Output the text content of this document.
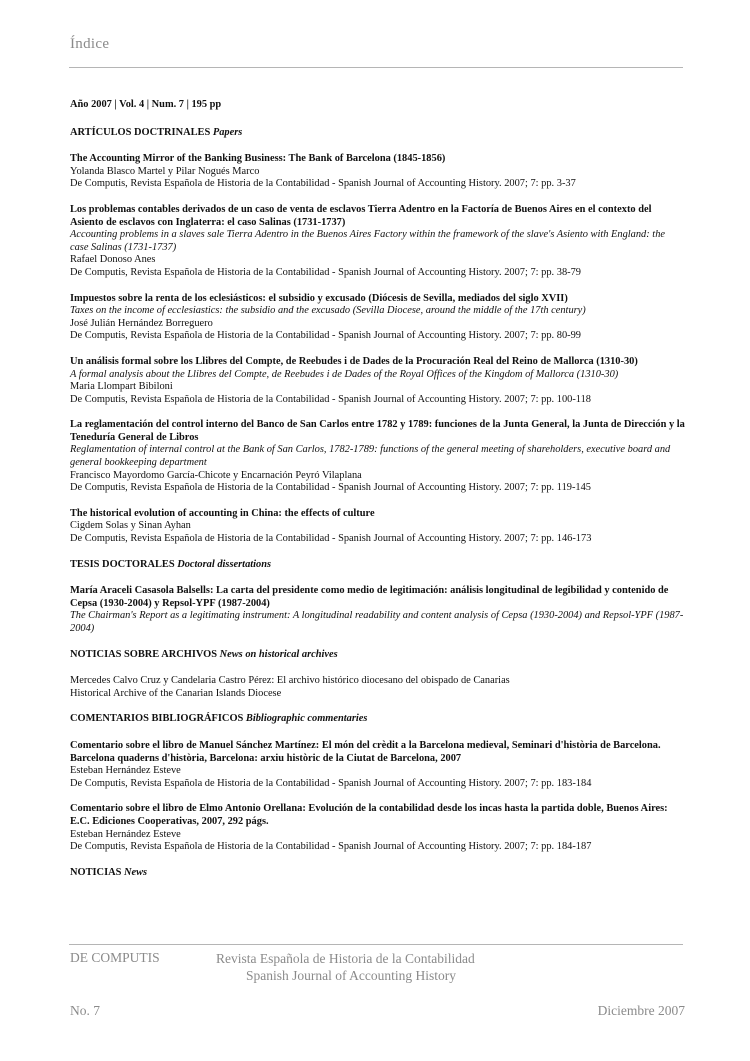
Índice
Año 2007 | Vol. 4 | Num. 7 | 195 pp
ARTÍCULOS DOCTRINALES Papers
The Accounting Mirror of the Banking Business: The Bank of Barcelona (1845-1856)
Yolanda Blasco Martel y Pilar Nogués Marco
De Computis, Revista Española de Historia de la Contabilidad - Spanish Journal of Accounting History. 2007; 7: pp. 3-37
Los problemas contables derivados de un caso de venta de esclavos Tierra Adentro en la Factoría de Buenos Aires en el contexto del Asiento de esclavos con Inglaterra: el caso Salinas (1731-1737)
Accounting problems in a slaves sale Tierra Adentro in the Buenos Aires Factory within the framework of the slave's Asiento with England: the case Salinas (1731-1737)
Rafael Donoso Anes
De Computis, Revista Española de Historia de la Contabilidad - Spanish Journal of Accounting History. 2007; 7: pp. 38-79
Impuestos sobre la renta de los eclesiásticos: el subsidio y excusado (Diócesis de Sevilla, mediados del siglo XVII)
Taxes on the income of ecclesiastics: the subsidio and the excusado (Sevilla Diocese, around the middle of the 17th century)
José Julián Hernández Borreguero
De Computis, Revista Española de Historia de la Contabilidad - Spanish Journal of Accounting History. 2007; 7: pp. 80-99
Un análisis formal sobre los Llibres del Compte, de Reebudes i de Dades de la Procuración Real del Reino de Mallorca (1310-30)
A formal analysis about the Llibres del Compte, de Reebudes i de Dades of the Royal Offices of the Kingdom of Mallorca (1310-30)
Maria Llompart Bibiloni
De Computis, Revista Española de Historia de la Contabilidad - Spanish Journal of Accounting History. 2007; 7: pp. 100-118
La reglamentación del control interno del Banco de San Carlos entre 1782 y 1789: funciones de la Junta General, la Junta de Dirección y la Teneduría General de Libros
Reglamentation of internal control at the Bank of San Carlos, 1782-1789: functions of the general meeting of shareholders, executive board and general bookkeeping department
Francisco Mayordomo García-Chicote y Encarnación Peyró Vilaplana
De Computis, Revista Española de Historia de la Contabilidad - Spanish Journal of Accounting History. 2007; 7: pp. 119-145
The historical evolution of accounting in China: the effects of culture
Cigdem Solas y Sinan Ayhan
De Computis, Revista Española de Historia de la Contabilidad - Spanish Journal of Accounting History. 2007; 7: pp. 146-173
TESIS DOCTORALES Doctoral dissertations
María Araceli Casasola Balsells: La carta del presidente como medio de legitimación: análisis longitudinal de legibilidad y contenido de Cepsa (1930-2004) y Repsol-YPF (1987-2004)
The Chairman's Report as a legitimating instrument: A longitudinal readability and content analysis of Cepsa (1930-2004) and Repsol-YPF (1987-2004)
NOTICIAS SOBRE ARCHIVOS News on historical archives
Mercedes Calvo Cruz y Candelaria Castro Pérez: El archivo histórico diocesano del obispado de Canarias
Historical Archive of the Canarian Islands Diocese
COMENTARIOS BIBLIOGRÁFICOS Bibliographic commentaries
Comentario sobre el libro de Manuel Sánchez Martínez: El món del crèdit a la Barcelona medieval, Seminari d'història de Barcelona. Barcelona quaderns d'història, Barcelona: arxiu històric de la Ciutat de Barcelona, 2007
Esteban Hernández Esteve
De Computis, Revista Española de Historia de la Contabilidad - Spanish Journal of Accounting History. 2007; 7: pp. 183-184
Comentario sobre el libro de Elmo Antonio Orellana: Evolución de la contabilidad desde los incas hasta la partida doble, Buenos Aires: E.C. Ediciones Cooperativas, 2007, 292 págs.
Esteban Hernández Esteve
De Computis, Revista Española de Historia de la Contabilidad - Spanish Journal of Accounting History. 2007; 7: pp. 184-187
NOTICIAS News
DE COMPUTIS	Revista Española de Historia de la Contabilidad
Spanish Journal of Accounting History
No. 7	Diciembre 2007
